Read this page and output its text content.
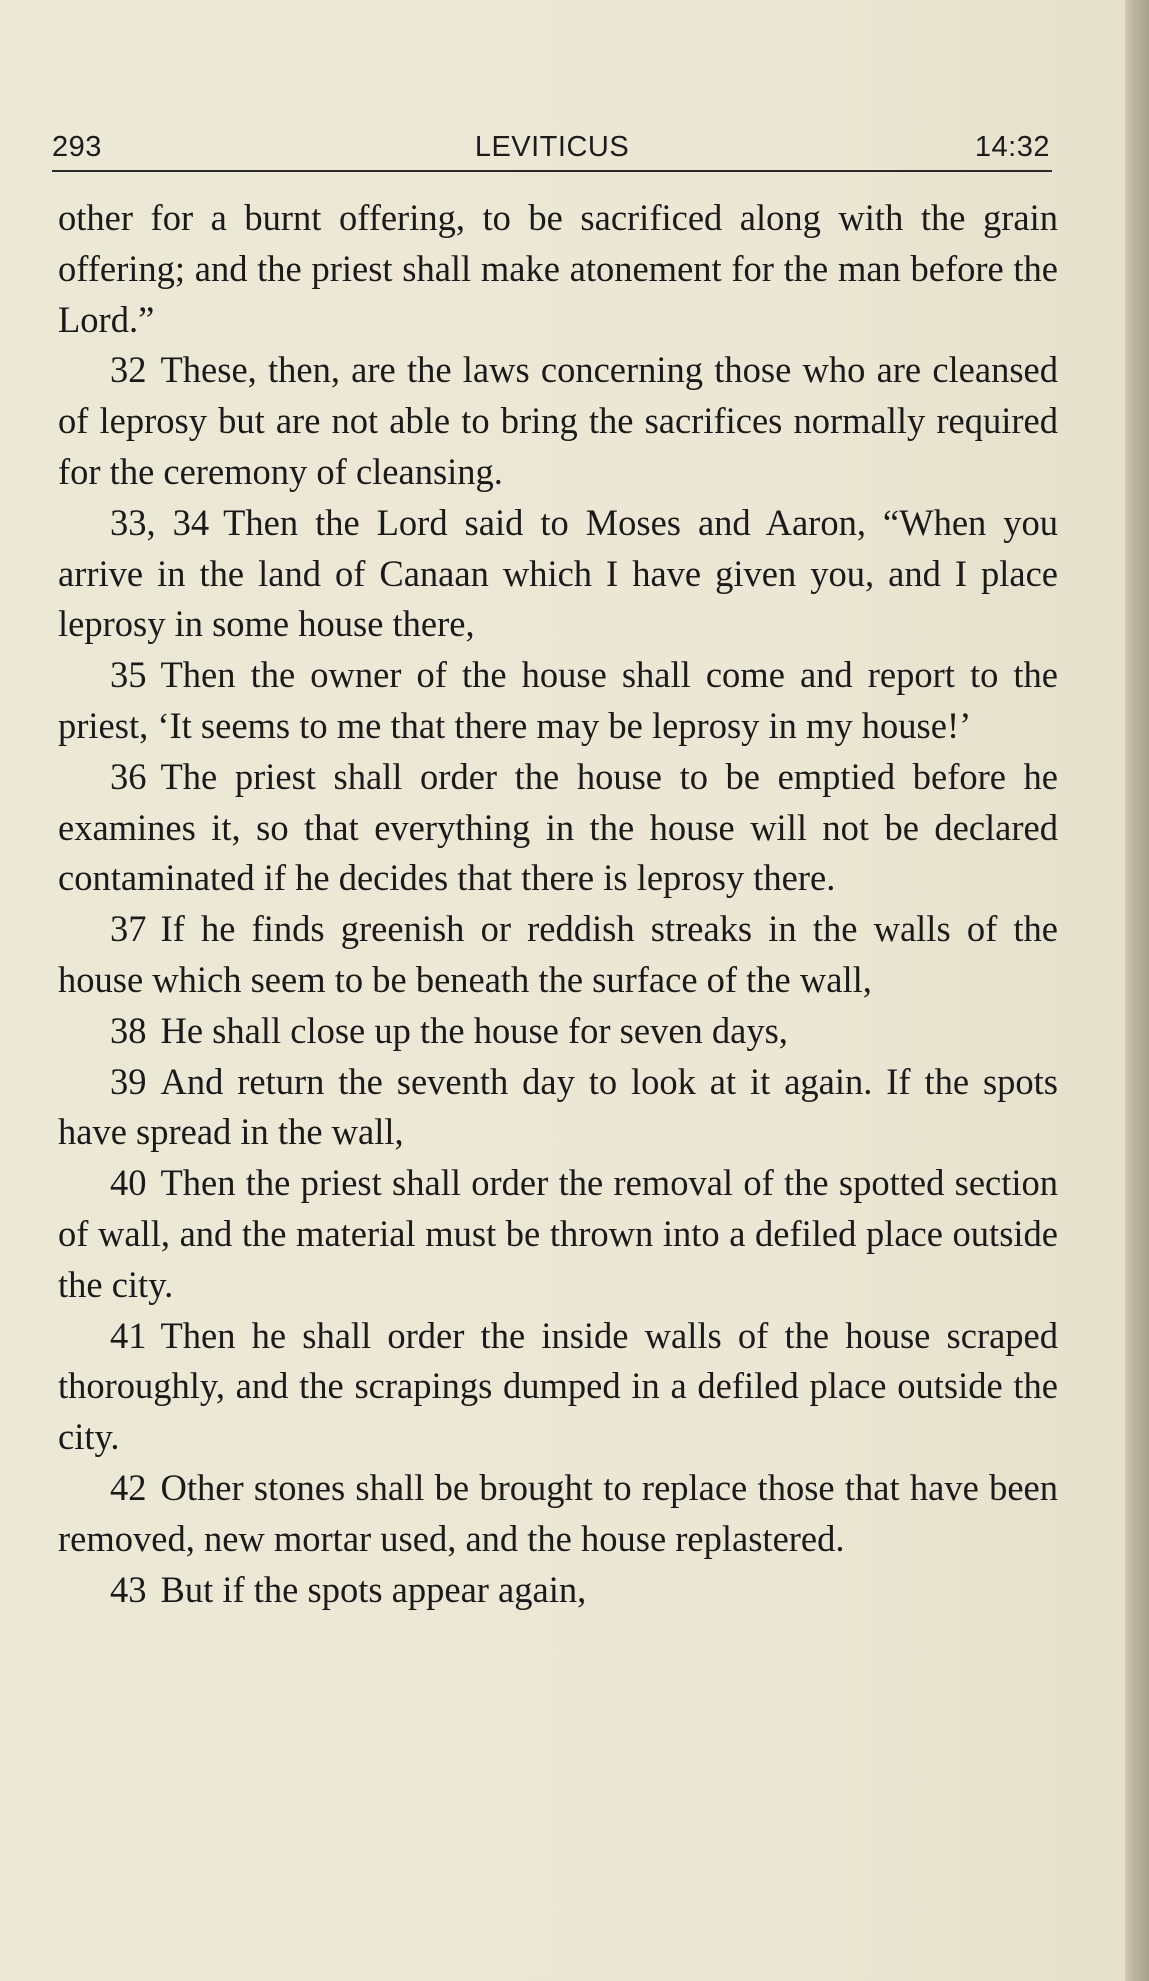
293	LEVITICUS	14:32

other for a burnt offering, to be sacrificed along with the grain offering; and the priest shall make atonement for the man before the Lord.”

32 These, then, are the laws concerning those who are cleansed of leprosy but are not able to bring the sacrifices normally required for the ceremony of cleansing.

33, 34 Then the Lord said to Moses and Aaron, “When you arrive in the land of Canaan which I have given you, and I place leprosy in some house there,

35 Then the owner of the house shall come and report to the priest, ‘It seems to me that there may be leprosy in my house!’

36 The priest shall order the house to be emptied before he examines it, so that everything in the house will not be declared contaminated if he decides that there is leprosy there.

37 If he finds greenish or reddish streaks in the walls of the house which seem to be beneath the surface of the wall,

38 He shall close up the house for seven days,

39 And return the seventh day to look at it again. If the spots have spread in the wall,

40 Then the priest shall order the removal of the spotted section of wall, and the material must be thrown into a defiled place outside the city.

41 Then he shall order the inside walls of the house scraped thoroughly, and the scrapings dumped in a defiled place outside the city.

42 Other stones shall be brought to replace those that have been removed, new mortar used, and the house replastered.

43 But if the spots appear again,
